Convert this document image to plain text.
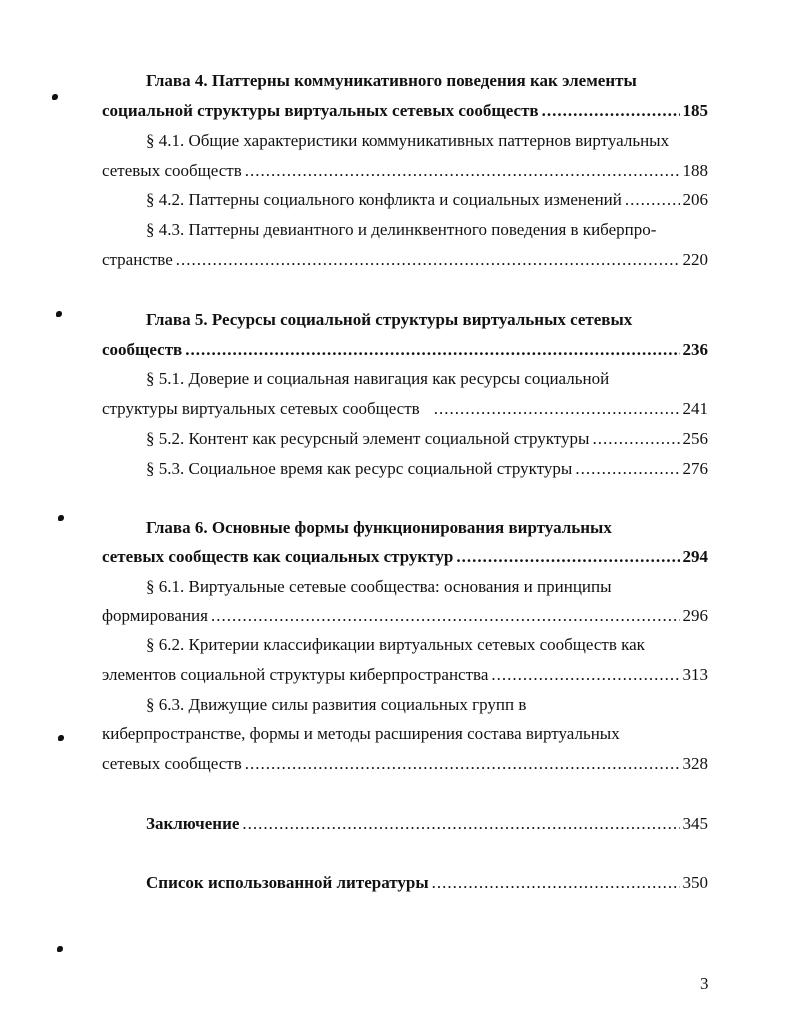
Глава 4. Паттерны коммуникативного поведения как элементы
социальной структуры виртуальных сетевых сообществ .....	185
§ 4.1. Общие характеристики коммуникативных паттернов виртуальных
сетевых сообществ .....	188
§ 4.2. Паттерны социального конфликта и социальных изменений .....	206
§ 4.3. Паттерны девиантного и делинквентного поведения в киберпро-
странстве .....	220
Глава 5. Ресурсы социальной структуры виртуальных сетевых
сообществ .....	236
§ 5.1. Доверие и социальная навигация как ресурсы социальной
структуры виртуальных сетевых сообществ .....	241
§ 5.2. Контент как ресурсный элемент социальной структуры .....	256
§ 5.3. Социальное время как ресурс социальной структуры .....	276
Глава 6. Основные формы функционирования виртуальных
сетевых сообществ как социальных структур .....	294
§ 6.1. Виртуальные сетевые сообщества: основания и принципы
формирования .....	296
§ 6.2. Критерии классификации виртуальных сетевых сообществ как
элементов социальной структуры киберпространства .....	313
§ 6.3. Движущие силы развития социальных групп в
киберпространстве, формы и методы расширения состава виртуальных
сетевых сообществ .....	328
Заключение .....	345
Список использованной литературы .....	350
3
